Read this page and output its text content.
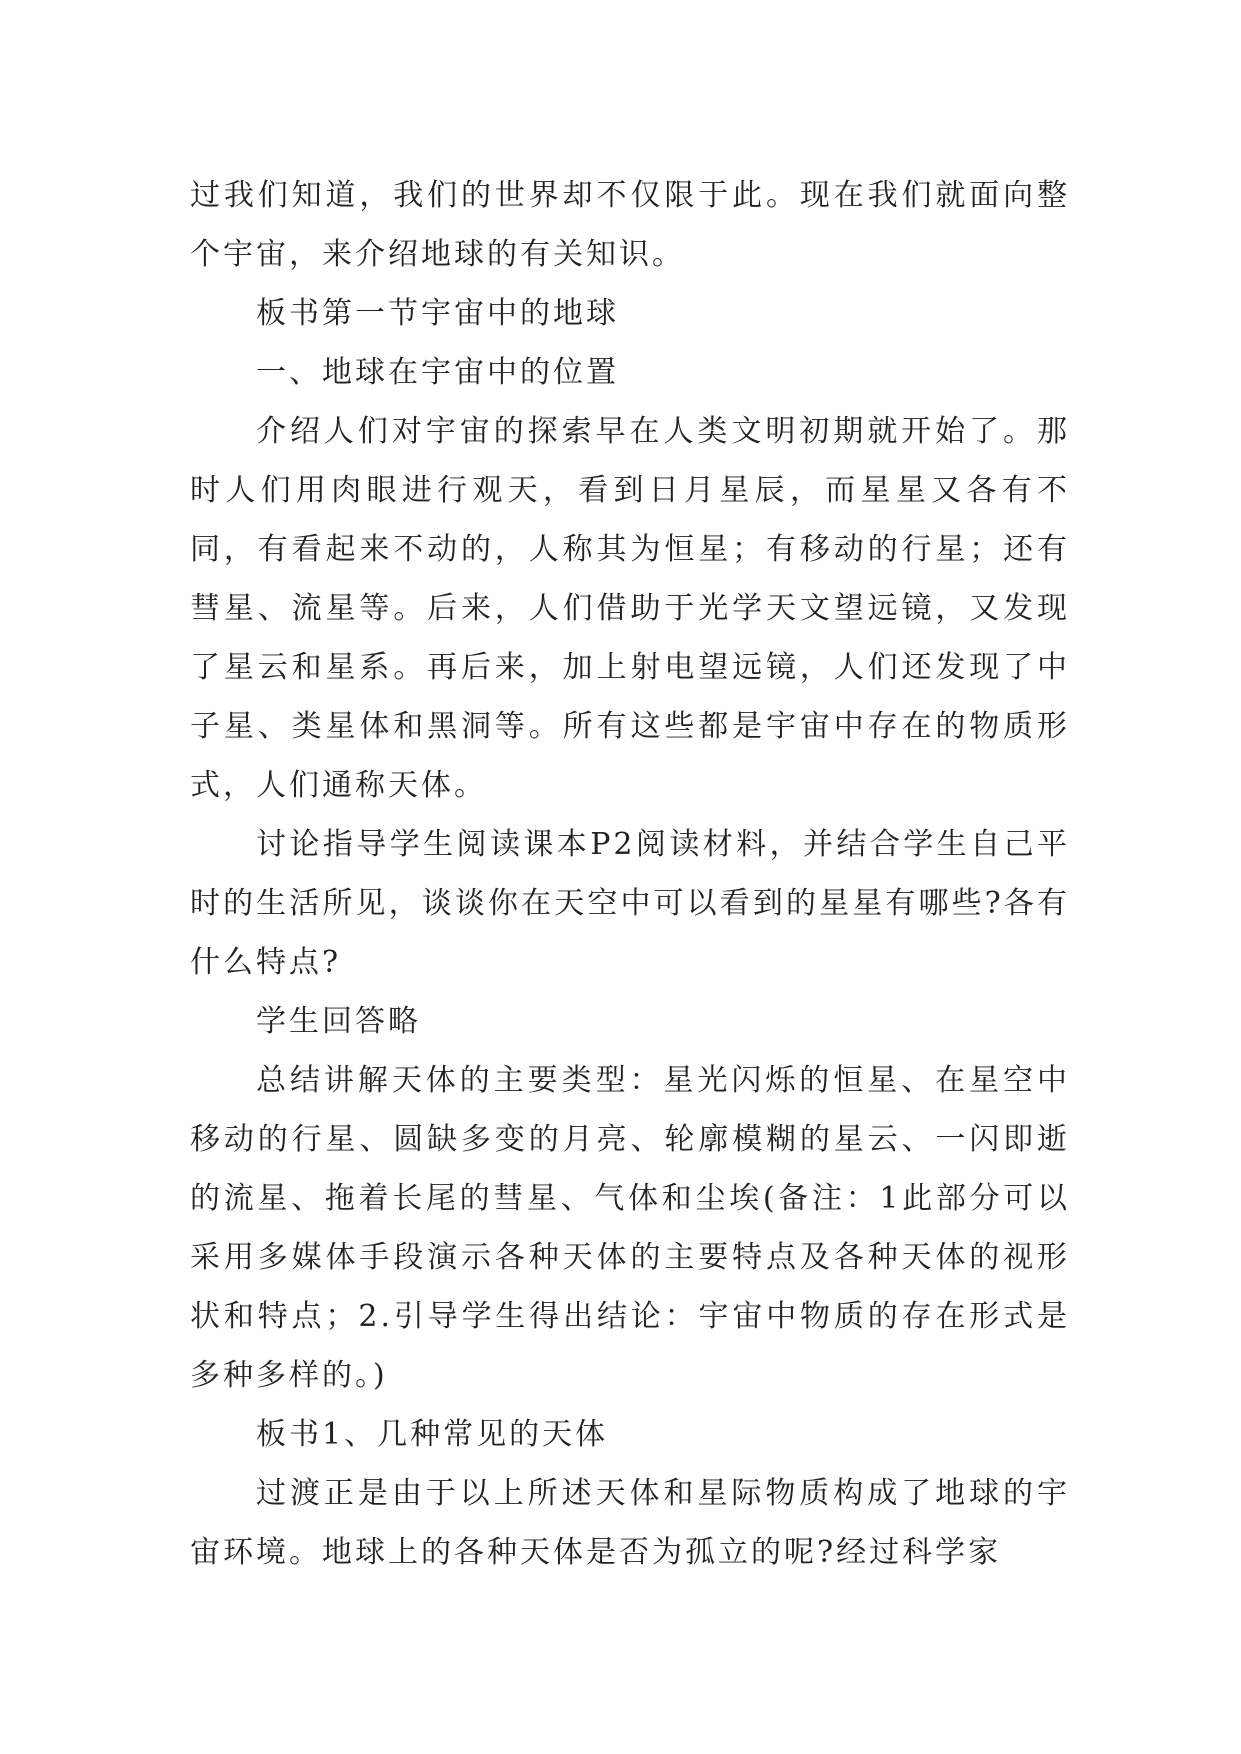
过我们知道，我们的世界却不仅限于此。现在我们就面向整个宇宙，来介绍地球的有关知识。

板书第一节宇宙中的地球

一、地球在宇宙中的位置

介绍人们对宇宙的探索早在人类文明初期就开始了。那时人们用肉眼进行观天，看到日月星辰，而星星又各有不同，有看起来不动的，人称其为恒星；有移动的行星；还有彗星、流星等。后来，人们借助于光学天文望远镜，又发现了星云和星系。再后来，加上射电望远镜，人们还发现了中子星、类星体和黑洞等。所有这些都是宇宙中存在的物质形式，人们通称天体。

讨论指导学生阅读课本P2阅读材料，并结合学生自己平时的生活所见，谈谈你在天空中可以看到的星星有哪些?各有什么特点?

学生回答略

总结讲解天体的主要类型：星光闪烁的恒星、在星空中移动的行星、圆缺多变的月亮、轮廓模糊的星云、一闪即逝的流星、拖着长尾的彗星、气体和尘埃(备注：1此部分可以采用多媒体手段演示各种天体的主要特点及各种天体的视形状和特点；2.引导学生得出结论：宇宙中物质的存在形式是多种多样的。)

板书1、几种常见的天体

过渡正是由于以上所述天体和星际物质构成了地球的宇宙环境。地球上的各种天体是否为孤立的呢?经过科学家
